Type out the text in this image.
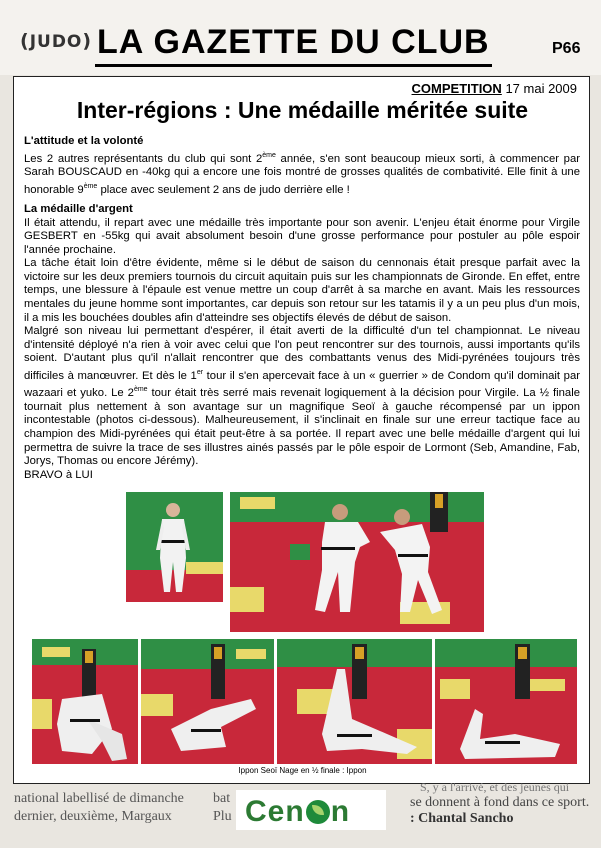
(JUDO) LA GAZETTE DU CLUB	P66
COMPETITION 17 mai 2009
Inter-régions : Une médaille méritée suite

L'attitude et la volonté

Les 2 autres représentants du club qui sont 2ème année, s'en sont beaucoup mieux sorti, à commencer par Sarah BOUSCAUD en -40kg qui a encore une fois montré de grosses qualités de combativité. Elle finit à une honorable 9ème place avec seulement 2 ans de judo derrière elle !

La médaille d'argent

Il était attendu, il repart avec une médaille très importante pour son avenir. L'enjeu était énorme pour Virgile GESBERT en -55kg qui avait absolument besoin d'une grosse performance pour postuler au pôle espoir l'année prochaine.

La tâche était loin d'être évidente, même si le début de saison du cennonais était presque parfait avec la victoire sur les deux premiers tournois du circuit aquitain puis sur les championnats de Gironde. En effet, entre temps, une blessure à l'épaule est venue mettre un coup d'arrêt à sa marche en avant. Mais les ressources mentales du jeune homme sont importantes, car depuis son retour sur les tatamis il y a un peu plus d'un mois, il a mis les bouchées doubles afin d'atteindre ses objectifs élevés de début de saison.

Malgré son niveau lui permettant d'espérer, il était averti de la difficulté d'un tel championnat. Le niveau d'intensité déployé n'a rien à voir avec celui que l'on peut rencontrer sur des tournois, aussi importants qu'ils soient. D'autant plus qu'il n'allait rencontrer que des combattants venus des Midi-pyrénées toujours très difficiles à manœuvrer. Et dès le 1er tour il s'en apercevait face à un « guerrier » de Condom qu'il dominait par wazaari et yuko. Le 2ème tour était très serré mais revenait logiquement à la décision pour Virgile. La ½ finale tournait plus nettement à son avantage sur un magnifique Seoï à gauche récompensé par un ippon incontestable (photos ci-dessous). Malheureusement, il s'inclinait en finale sur une erreur tactique face au champion des Midi-pyrénées qui était peut-être à sa portée. Il repart avec une belle médaille d'argent qui lui permettra de suivre la trace de ses illustres ainés passés par le pôle espoir de Lormont (Seb, Amandine, Fab, Jorys, Thomas ou encore Jérémy).

BRAVO à LUI

Ippon Seoï Nage en ½ finale : Ippon
S, y a l'arrivé, et des jeunes qui
national labellisé de dimanche
dernier, deuxième, Margaux
bat
Plu
se donnent à fond dans ce sport.
: Chantal Sancho
Cen n
